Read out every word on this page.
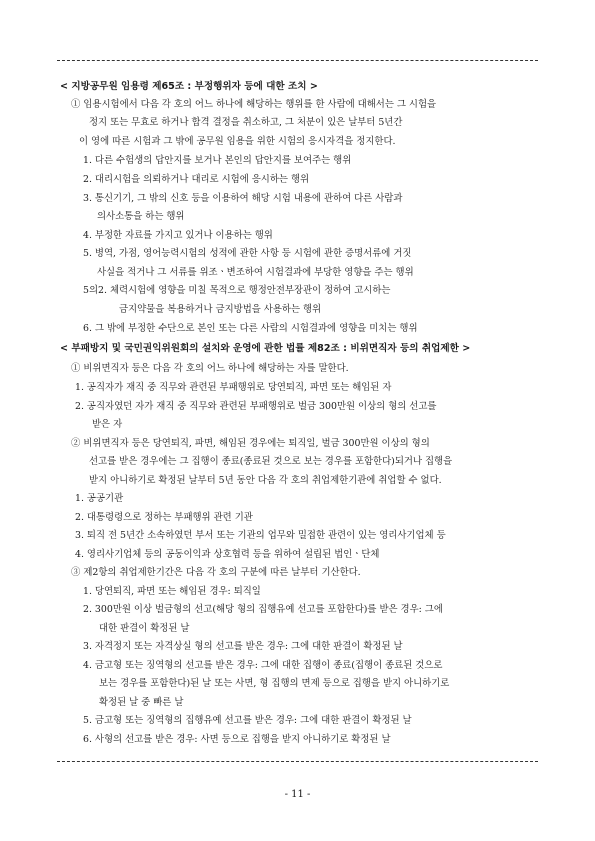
< 지방공무원 임용령 제65조 : 부정행위자 등에 대한 조치 >
① 임용시험에서 다음 각 호의 어느 하나에 해당하는 행위를 한 사람에 대해서는 그 시험을
정지 또는 무효로 하거나 합격 결정을 취소하고, 그 처분이 있은 날부터 5년간
이 영에 따른 시험과 그 밖에 공무원 임용을 위한 시험의 응시자격을 정지한다.
1. 다른 수험생의 답안지를 보거나 본인의 답안지를 보여주는 행위
2. 대리시험을 의뢰하거나 대리로 시험에 응시하는 행위
3. 통신기기, 그 밖의 신호 등을 이용하여 해당 시험 내용에 관하여 다른 사람과
의사소통을 하는 행위
4. 부정한 자료를 가지고 있거나 이용하는 행위
5. 병역, 가점, 영어능력시험의 성적에 관한 사항 등 시험에 관한 증명서류에 거짓
사실을 적거나 그 서류를 위조ㆍ변조하여 시험결과에 부당한 영향을 주는 행위
5의2. 체력시험에 영향을 미칠 목적으로 행정안전부장관이 정하여 고시하는
금지약물을 복용하거나 금지방법을 사용하는 행위
6. 그 밖에 부정한 수단으로 본인 또는 다른 사람의 시험결과에 영향을 미치는 행위
< 부패방지 및 국민권익위원회의 설치와 운영에 관한 법률 제82조 : 비위면직자 등의 취업제한 >
① 비위면직자 등은 다음 각 호의 어느 하나에 해당하는 자를 말한다.
1. 공직자가 재직 중 직무와 관련된 부패행위로 당연퇴직, 파면 또는 해임된 자
2. 공직자였던 자가 재직 중 직무와 관련된 부패행위로 벌금 300만원 이상의 형의 선고를
받은 자
② 비위면직자 등은 당연퇴직, 파면, 해임된 경우에는 퇴직일, 벌금 300만원 이상의 형의
선고를 받은 경우에는 그 집행이 종료(종료된 것으로 보는 경우를 포함한다)되거나 집행을
받지 아니하기로 확정된 날부터 5년 동안 다음 각 호의 취업제한기관에 취업할 수 없다.
1. 공공기관
2. 대통령령으로 정하는 부패행위 관련 기관
3. 퇴직 전 5년간 소속하였던 부서 또는 기관의 업무와 밀접한 관련이 있는 영리사기업체 등
4. 영리사기업체 등의 공동이익과 상호협력 등을 위하여 설립된 법인ㆍ단체
③ 제2항의 취업제한기간은 다음 각 호의 구분에 따른 날부터 기산한다.
1. 당연퇴직, 파면 또는 해임된 경우: 퇴직일
2. 300만원 이상 벌금형의 선고(해당 형의 집행유예 선고를 포함한다)를 받은 경우: 그에
대한 판결이 확정된 날
3. 자격정지 또는 자격상실 형의 선고를 받은 경우: 그에 대한 판결이 확정된 날
4. 금고형 또는 징역형의 선고를 받은 경우: 그에 대한 집행이 종료(집행이 종료된 것으로
보는 경우를 포함한다)된 날 또는 사면, 형 집행의 면제 등으로 집행을 받지 아니하기로
확정된 날 중 빠른 날
5. 금고형 또는 징역형의 집행유예 선고를 받은 경우: 그에 대한 판결이 확정된 날
6. 사형의 선고를 받은 경우: 사면 등으로 집행을 받지 아니하기로 확정된 날
- 11 -
